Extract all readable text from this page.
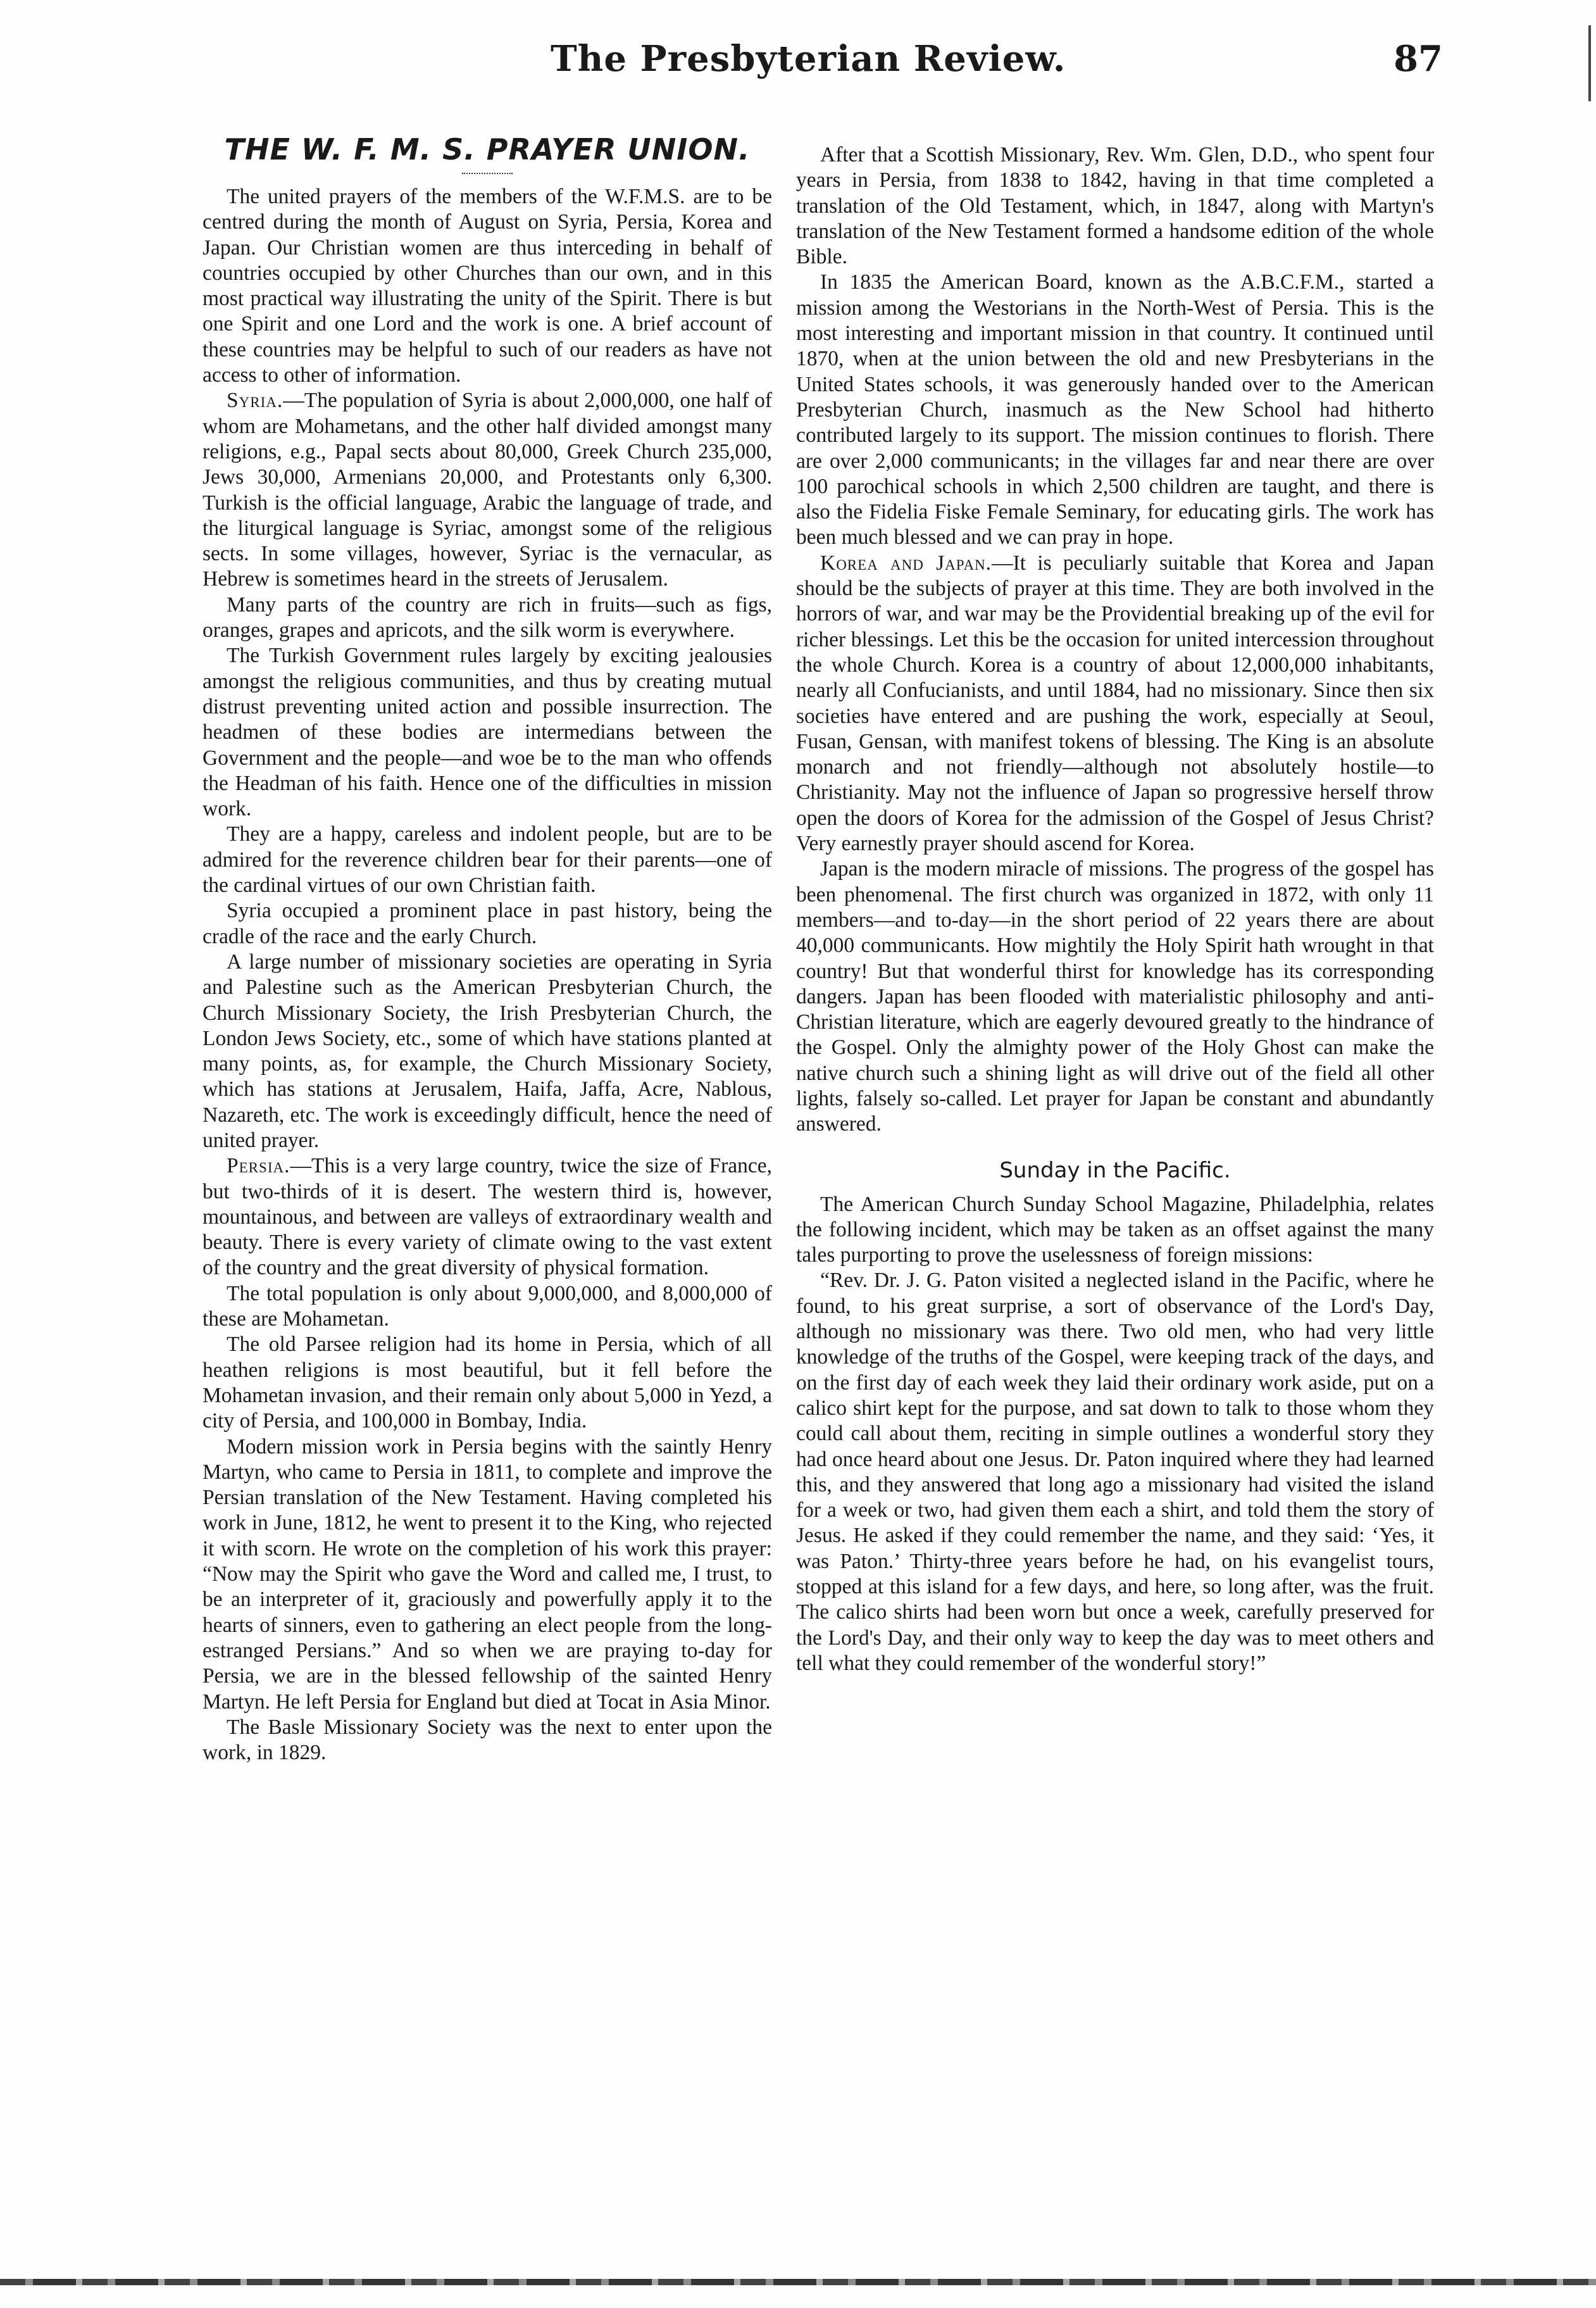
The Presbyterian Review.	87
THE W. F. M. S. PRAYER UNION.

The united prayers of the members of the W.F.M.S. are to be centred during the month of August on Syria, Persia, Korea and Japan. Our Christian women are thus interceding in behalf of countries occupied by other Churches than our own, and in this most practical way illustrating the unity of the Spirit. There is but one Spirit and one Lord and the work is one. A brief account of these countries may be helpful to such of our readers as have not access to other of information.

Syria.—The population of Syria is about 2,000,000, one half of whom are Mohametans, and the other half divided amongst many religions, e.g., Papal sects about 80,000, Greek Church 235,000, Jews 30,000, Armenians 20,000, and Protestants only 6,300. Turkish is the official language, Arabic the language of trade, and the liturgical language is Syriac, amongst some of the religious sects. In some villages, however, Syriac is the vernacular, as Hebrew is sometimes heard in the streets of Jerusalem.

Many parts of the country are rich in fruits—such as figs, oranges, grapes and apricots, and the silk worm is everywhere.

The Turkish Government rules largely by exciting jealousies amongst the religious communities, and thus by creating mutual distrust preventing united action and possible insurrection. The headmen of these bodies are intermedians between the Government and the people—and woe be to the man who offends the Headman of his faith. Hence one of the difficulties in mission work.

They are a happy, careless and indolent people, but are to be admired for the reverence children bear for their parents—one of the cardinal virtues of our own Christian faith.

Syria occupied a prominent place in past history, being the cradle of the race and the early Church.

A large number of missionary societies are operating in Syria and Palestine such as the American Presbyterian Church, the Church Missionary Society, the Irish Presbyterian Church, the London Jews Society, etc., some of which have stations planted at many points, as, for example, the Church Missionary Society, which has stations at Jerusalem, Haifa, Jaffa, Acre, Nablous, Nazareth, etc. The work is exceedingly difficult, hence the need of united prayer.

Persia.—This is a very large country, twice the size of France, but two-thirds of it is desert. The western third is, however, mountainous, and between are valleys of extraordinary wealth and beauty. There is every variety of climate owing to the vast extent of the country and the great diversity of physical formation.

The total population is only about 9,000,000, and 8,000,000 of these are Mohametan.

The old Parsee religion had its home in Persia, which of all heathen religions is most beautiful, but it fell before the Mohametan invasion, and their remain only about 5,000 in Yezd, a city of Persia, and 100,000 in Bombay, India.

Modern mission work in Persia begins with the saintly Henry Martyn, who came to Persia in 1811, to complete and improve the Persian translation of the New Testament. Having completed his work in June, 1812, he went to present it to the King, who rejected it with scorn. He wrote on the completion of his work this prayer: “Now may the Spirit who gave the Word and called me, I trust, to be an interpreter of it, graciously and powerfully apply it to the hearts of sinners, even to gathering an elect people from the long-estranged Persians.” And so when we are praying to-day for Persia, we are in the blessed fellowship of the sainted Henry Martyn. He left Persia for England but died at Tocat in Asia Minor.

The Basle Missionary Society was the next to enter upon the work, in 1829.

After that a Scottish Missionary, Rev. Wm. Glen, D.D., who spent four years in Persia, from 1838 to 1842, having in that time completed a translation of the Old Testament, which, in 1847, along with Martyn's translation of the New Testament formed a handsome edition of the whole Bible.

In 1835 the American Board, known as the A.B.C.F.M., started a mission among the Westorians in the North-West of Persia. This is the most interesting and important mission in that country. It continued until 1870, when at the union between the old and new Presbyterians in the United States schools, it was generously handed over to the American Presbyterian Church, inasmuch as the New School had hitherto contributed largely to its support. The mission continues to florish. There are over 2,000 communicants; in the villages far and near there are over 100 parochical schools in which 2,500 children are taught, and there is also the Fidelia Fiske Female Seminary, for educating girls. The work has been much blessed and we can pray in hope.

Korea and Japan.—It is peculiarly suitable that Korea and Japan should be the subjects of prayer at this time. They are both involved in the horrors of war, and war may be the Providential breaking up of the evil for richer blessings. Let this be the occasion for united intercession throughout the whole Church. Korea is a country of about 12,000,000 inhabitants, nearly all Confucianists, and until 1884, had no missionary. Since then six societies have entered and are pushing the work, especially at Seoul, Fusan, Gensan, with manifest tokens of blessing. The King is an absolute monarch and not friendly—although not absolutely hostile—to Christianity. May not the influence of Japan so progressive herself throw open the doors of Korea for the admission of the Gospel of Jesus Christ? Very earnestly prayer should ascend for Korea.

Japan is the modern miracle of missions. The progress of the gospel has been phenomenal. The first church was organized in 1872, with only 11 members—and to-day—in the short period of 22 years there are about 40,000 communicants. How mightily the Holy Spirit hath wrought in that country! But that wonderful thirst for knowledge has its corresponding dangers. Japan has been flooded with materialistic philosophy and anti-Christian literature, which are eagerly devoured greatly to the hindrance of the Gospel. Only the almighty power of the Holy Ghost can make the native church such a shining light as will drive out of the field all other lights, falsely so-called. Let prayer for Japan be constant and abundantly answered.

Sunday in the Pacific.

The American Church Sunday School Magazine, Philadelphia, relates the following incident, which may be taken as an offset against the many tales purporting to prove the uselessness of foreign missions:

“Rev. Dr. J. G. Paton visited a neglected island in the Pacific, where he found, to his great surprise, a sort of observance of the Lord's Day, although no missionary was there. Two old men, who had very little knowledge of the truths of the Gospel, were keeping track of the days, and on the first day of each week they laid their ordinary work aside, put on a calico shirt kept for the purpose, and sat down to talk to those whom they could call about them, reciting in simple outlines a wonderful story they had once heard about one Jesus. Dr. Paton inquired where they had learned this, and they answered that long ago a missionary had visited the island for a week or two, had given them each a shirt, and told them the story of Jesus. He asked if they could remember the name, and they said: ‘Yes, it was Paton.’ Thirty-three years before he had, on his evangelist tours, stopped at this island for a few days, and here, so long after, was the fruit. The calico shirts had been worn but once a week, carefully preserved for the Lord's Day, and their only way to keep the day was to meet others and tell what they could remember of the wonderful story!”
